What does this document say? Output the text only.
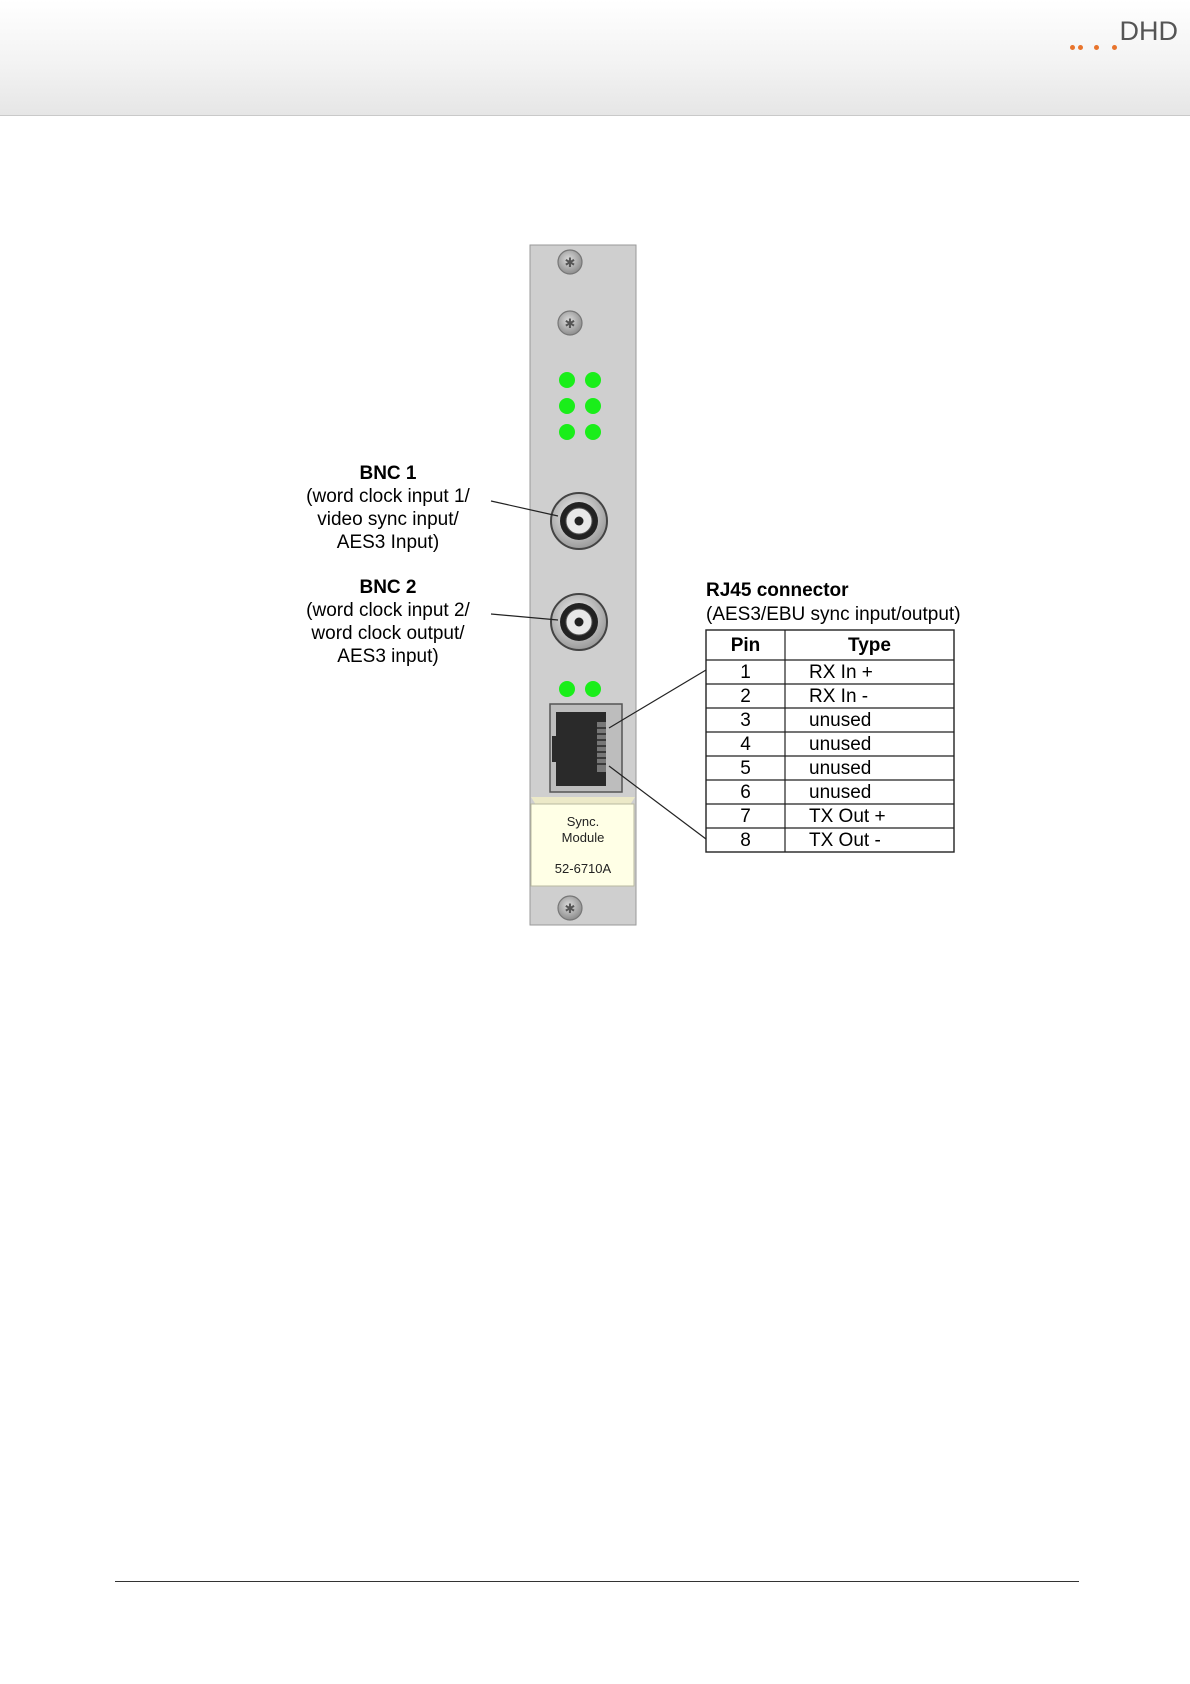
DHD
✱
✱
✱
Sync.
Module
52-6710A
BNC 1
(word clock input 1/
video sync input/
AES3 Input)
BNC 2
(word clock input 2/
word clock output/
AES3 input)
RJ45 connector
(AES3/EBU sync input/output)
Pin	Type
1	RX In +
2	RX In -
3	unused
4	unused
5	unused
6	unused
7	TX Out +
8	TX Out -
